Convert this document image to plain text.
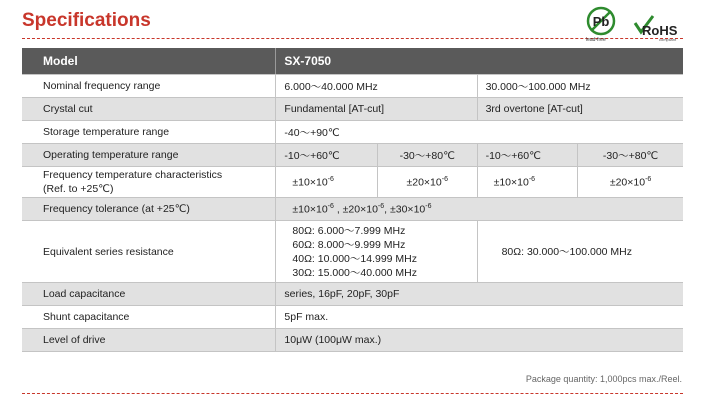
Specifications	Pb
lead-free
RoHS
compliant
Model	SX-7050			
Nominal frequency range	6.000～40.000 MHz		30.000～100.000 MHz	
Crystal cut	Fundamental [AT-cut]		3rd overtone [AT-cut]	
Storage temperature range	-40～+90℃			
Operating temperature range	-10～+60℃	-30～+80℃	-10～+60℃	-30～+80℃

Frequency temperature characteristics
(Ref. to +25℃)	$\pm 10\times 10^{-6}$	$\pm 20\times 10^{-6}$	$\pm 10\times 10^{-6}$	$\pm 20\times 10^{-6}$
Frequency tolerance (at +25℃)	$\pm 10\times 10^{-6}$ , $\pm 20\times 10^{-6}$, $\pm 30\times 10^{-6}$
Equivalent series resistance	80Ω: 6.000～7.999 MHz
60Ω: 8.000～9.999 MHz
40Ω: 10.000～14.999 MHz
30Ω: 15.000～40.000 MHz		80Ω: 30.000～100.000 MHz	
Load capacitance	series, 16pF, 20pF, 30pF			
Shunt capacitance	5pF max.			
Level of drive	10μW (100μW max.)			
Package quantity: 1,000pcs max./Reel.
